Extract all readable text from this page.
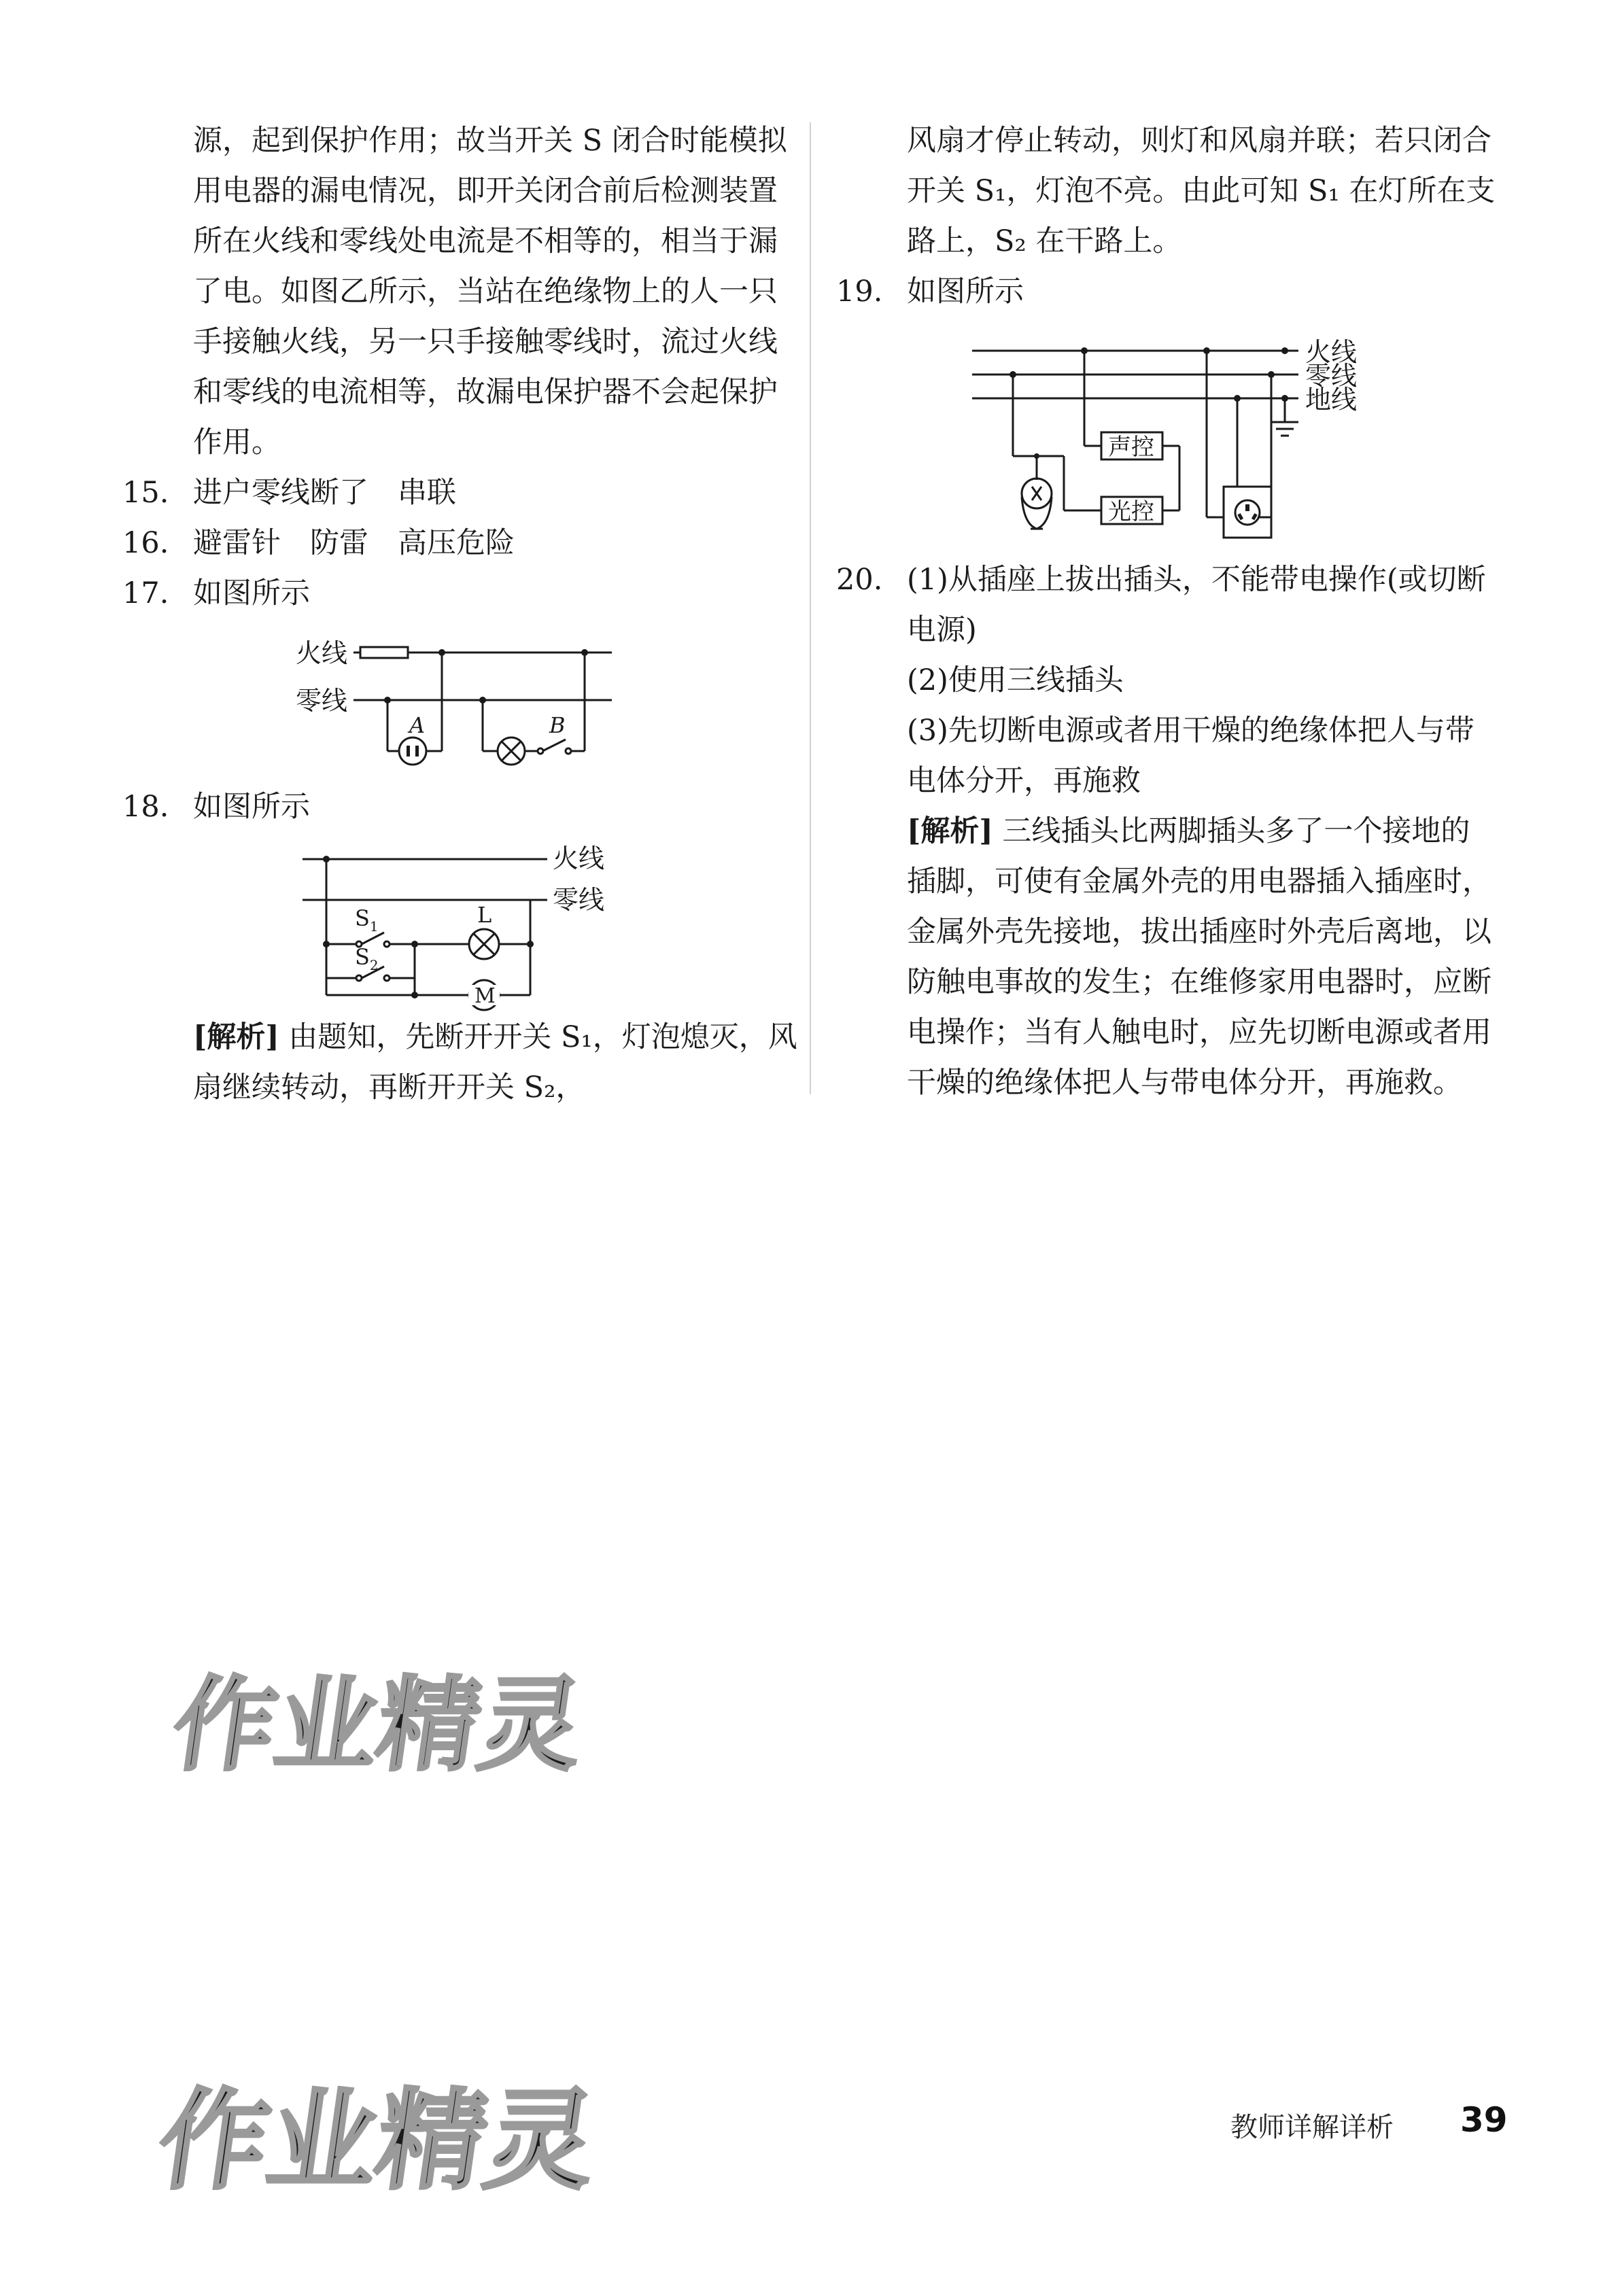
源，起到保护作用；故当开关 S 闭合时能模拟

用电器的漏电情况，即开关闭合前后检测装置

所在火线和零线处电流是不相等的，相当于漏

了电。如图乙所示，当站在绝缘物上的人一只

手接触火线，另一只手接触零线时，流过火线

和零线的电流相等，故漏电保护器不会起保护

作用。

15. 进户零线断了　串联
16. 避雷针　防雷　高压危险
17. 如图所示
火线
零线
A	B
18. 如图所示
火线
零线
$S_1$
$S_2$
L
M

[解析] 由题知，先断开开关 S₁，灯泡熄灭，风

扇继续转动，再断开开关 S₂，

风扇才停止转动，则灯和风扇并联；若只闭合

开关 S₁，灯泡不亮。由此可知 S₁ 在灯所在支

路上，S₂ 在干路上。

19. 如图所示
火线
零线
地线
声控
光控
20. (1)从插座上拔出插头，不能带电操作(或切断

电源)

(2)使用三线插头

(3)先切断电源或者用干燥的绝缘体把人与带

电体分开，再施救

[解析] 三线插头比两脚插头多了一个接地的

插脚，可使有金属外壳的用电器插入插座时，

金属外壳先接地，拔出插座时外壳后离地，以

防触电事故的发生；在维修家用电器时，应断

电操作；当有人触电时，应先切断电源或者用

干燥的绝缘体把人与带电体分开，再施救。

作业精灵
作业精灵	教师详解详析 39
